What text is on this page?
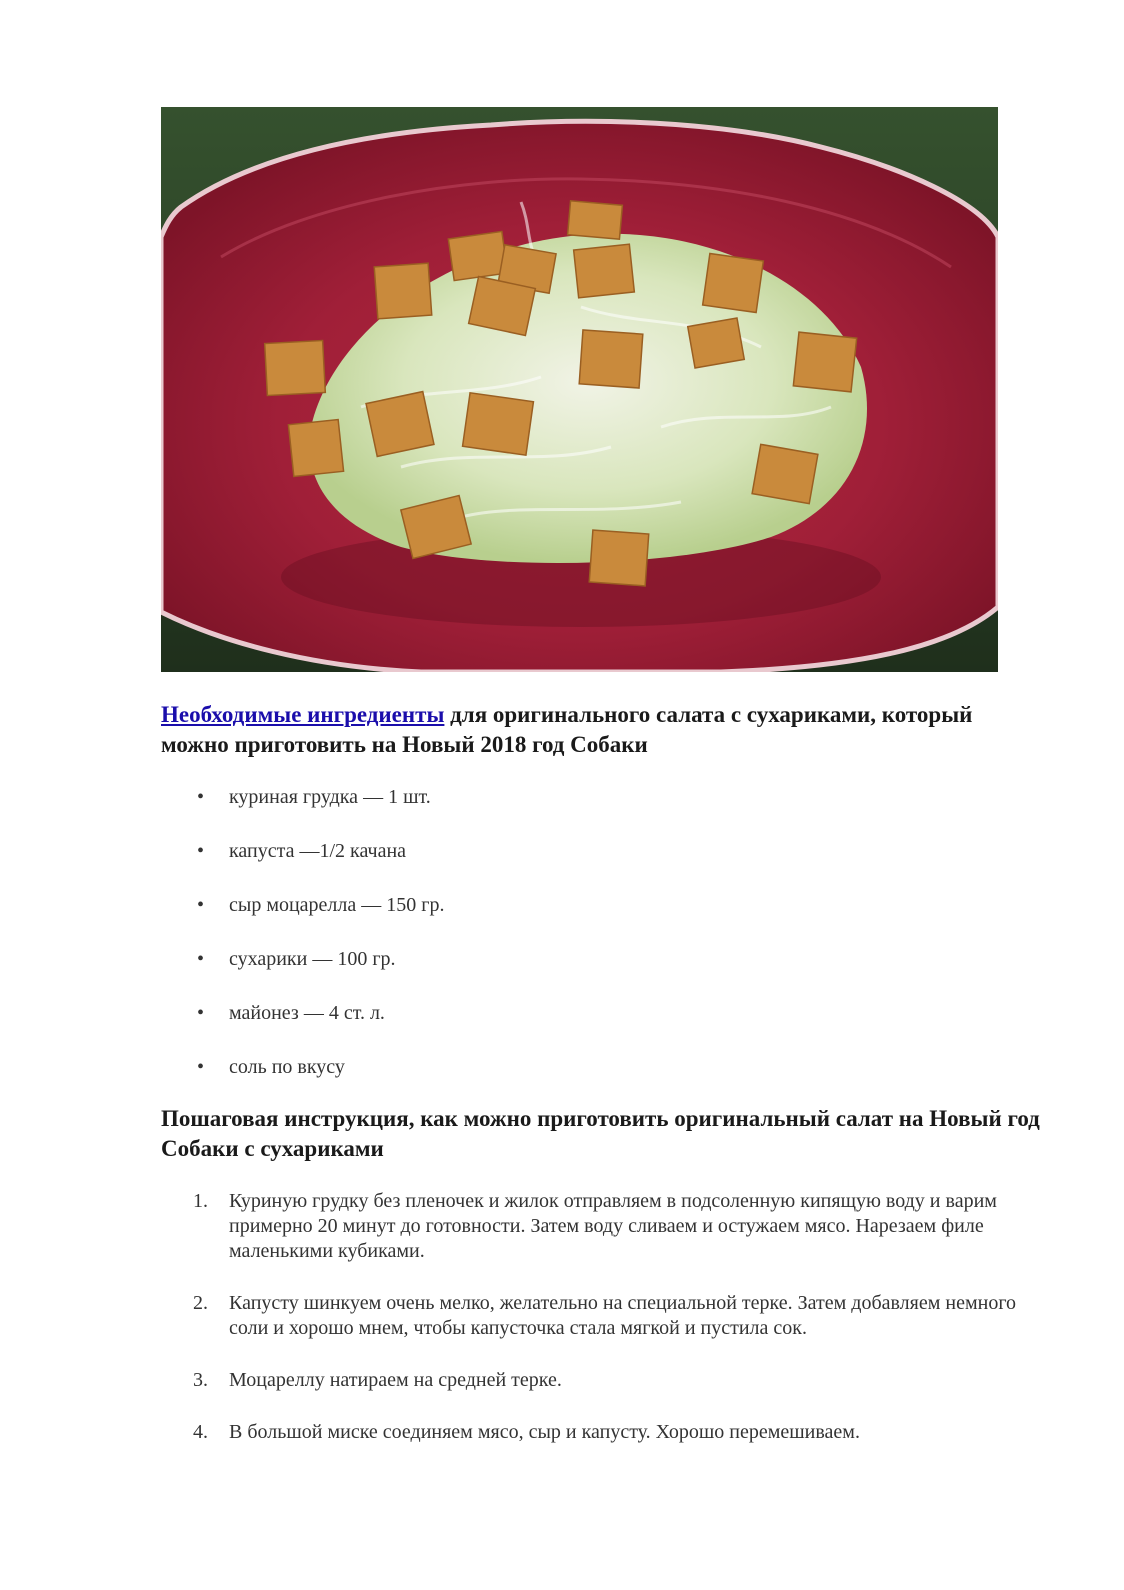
Необходимые ингредиенты для оригинального салата с сухариками, который можно приготовить на Новый 2018 год Собаки
• куриная грудка — 1 шт.
• капуста —1/2 качана
• сыр моцарелла — 150 гр.
• сухарики — 100 гр.
• майонез — 4 ст. л.
• соль по вкусу
Пошаговая инструкция, как можно приготовить оригинальный салат на Новый год Собаки с сухариками
1. Куриную грудку без пленочек и жилок отправляем в подсоленную кипящую воду и варим примерно 20 минут до готовности. Затем воду сливаем и остужаем мясо. Нарезаем филе маленькими кубиками.
2. Капусту шинкуем очень мелко, желательно на специальной терке. Затем добавляем немного соли и хорошо мнем, чтобы капусточка стала мягкой и пустила сок.
3. Моцареллу натираем на средней терке.
4. В большой миске соединяем мясо, сыр и капусту. Хорошо перемешиваем.
